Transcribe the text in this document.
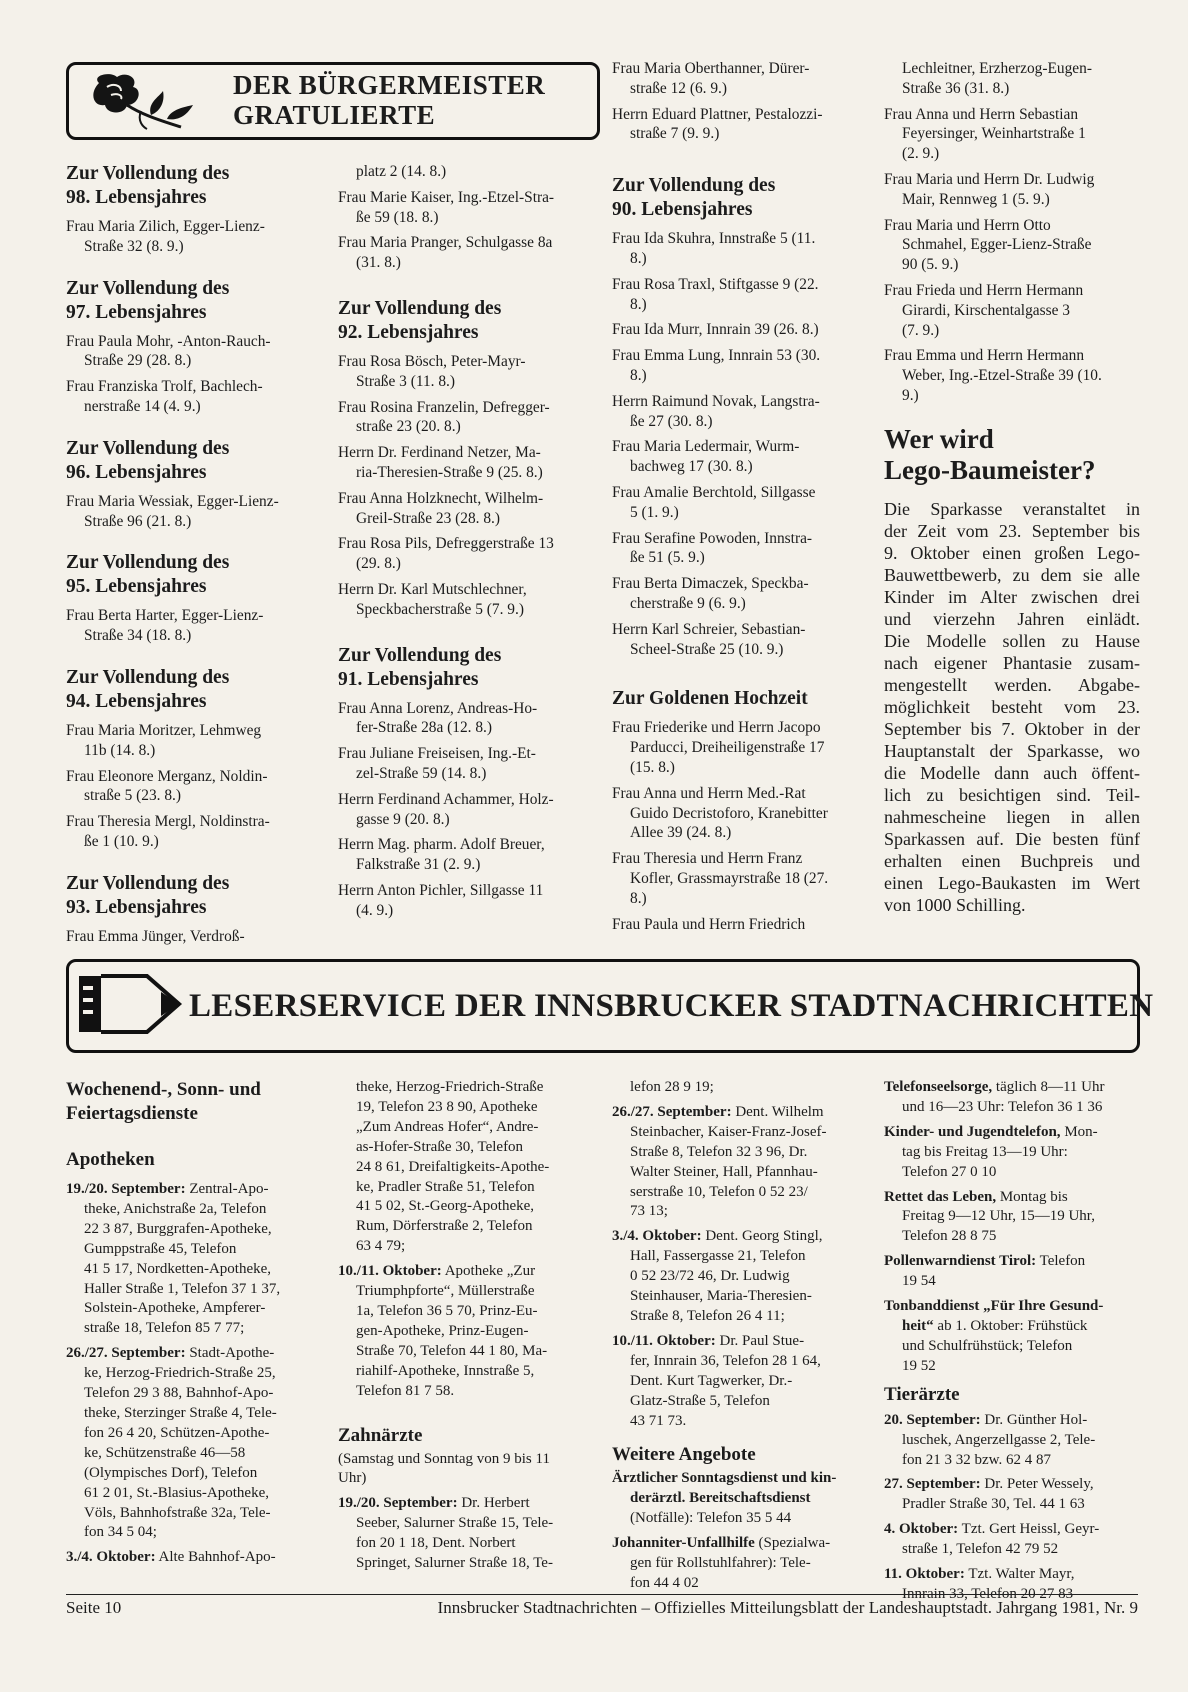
DER BÜRGERMEISTER
GRATULIERTE
Zur Vollendung des
98. Lebensjahres

Frau Maria Zilich, Egger-Lienz-
Straße 32 (8. 9.)

Zur Vollendung des
97. Lebensjahres

Frau Paula Mohr, -Anton-Rauch-
Straße 29 (28. 8.)

Frau Franziska Trolf, Bachlech-
nerstraße 14 (4. 9.)

Zur Vollendung des
96. Lebensjahres

Frau Maria Wessiak, Egger-Lienz-
Straße 96 (21. 8.)

Zur Vollendung des
95. Lebensjahres

Frau Berta Harter, Egger-Lienz-
Straße 34 (18. 8.)

Zur Vollendung des
94. Lebensjahres

Frau Maria Moritzer, Lehmweg
11b (14. 8.)

Frau Eleonore Merganz, Noldin-
straße 5 (23. 8.)

Frau Theresia Mergl, Noldinstra-
ße 1 (10. 9.)

Zur Vollendung des
93. Lebensjahres

Frau Emma Jünger, Verdroß-

platz 2 (14. 8.)

Frau Marie Kaiser, Ing.-Etzel-Stra-
ße 59 (18. 8.)

Frau Maria Pranger, Schulgasse 8a
(31. 8.)

Zur Vollendung des
92. Lebensjahres

Frau Rosa Bösch, Peter-Mayr-
Straße 3 (11. 8.)

Frau Rosina Franzelin, Defregger-
straße 23 (20. 8.)

Herrn Dr. Ferdinand Netzer, Ma-
ria-Theresien-Straße 9 (25. 8.)

Frau Anna Holzknecht, Wilhelm-
Greil-Straße 23 (28. 8.)

Frau Rosa Pils, Defreggerstraße 13
(29. 8.)

Herrn Dr. Karl Mutschlechner,
Speckbacherstraße 5 (7. 9.)

Zur Vollendung des
91. Lebensjahres

Frau Anna Lorenz, Andreas-Ho-
fer-Straße 28a (12. 8.)

Frau Juliane Freiseisen, Ing.-Et-
zel-Straße 59 (14. 8.)

Herrn Ferdinand Achammer, Holz-
gasse 9 (20. 8.)

Herrn Mag. pharm. Adolf Breuer,
Falkstraße 31 (2. 9.)

Herrn Anton Pichler, Sillgasse 11
(4. 9.)

Frau Maria Oberthanner, Dürer-
straße 12 (6. 9.)

Herrn Eduard Plattner, Pestalozzi-
straße 7 (9. 9.)

Zur Vollendung des
90. Lebensjahres

Frau Ida Skuhra, Innstraße 5 (11.
8.)

Frau Rosa Traxl, Stiftgasse 9 (22.
8.)

Frau Ida Murr, Innrain 39 (26. 8.)

Frau Emma Lung, Innrain 53 (30.
8.)

Herrn Raimund Novak, Langstra-
ße 27 (30. 8.)

Frau Maria Ledermair, Wurm-
bachweg 17 (30. 8.)

Frau Amalie Berchtold, Sillgasse
5 (1. 9.)

Frau Serafine Powoden, Innstra-
ße 51 (5. 9.)

Frau Berta Dimaczek, Speckba-
cherstraße 9 (6. 9.)

Herrn Karl Schreier, Sebastian-
Scheel-Straße 25 (10. 9.)

Zur Goldenen Hochzeit

Frau Friederike und Herrn Jacopo
Parducci, Dreiheiligenstraße 17
(15. 8.)

Frau Anna und Herrn Med.-Rat
Guido Decristoforo, Kranebitter
Allee 39 (24. 8.)

Frau Theresia und Herrn Franz
Kofler, Grassmayrstraße 18 (27.
8.)

Frau Paula und Herrn Friedrich

Lechleitner, Erzherzog-Eugen-
Straße 36 (31. 8.)

Frau Anna und Herrn Sebastian
Feyersinger, Weinhartstraße 1
(2. 9.)

Frau Maria und Herrn Dr. Ludwig
Mair, Rennweg 1 (5. 9.)

Frau Maria und Herrn Otto
Schmahel, Egger-Lienz-Straße
90 (5. 9.)

Frau Frieda und Herrn Hermann
Girardi, Kirschentalgasse 3
(7. 9.)

Frau Emma und Herrn Hermann
Weber, Ing.-Etzel-Straße 39 (10.
9.)

Wer wird
Lego-Baumeister?
Die Sparkasse veranstaltet in
der Zeit vom 23. September bis
9. Oktober einen großen Lego-
Bauwettbewerb, zu dem sie alle
Kinder im Alter zwischen drei
und vierzehn Jahren einlädt.
Die Modelle sollen zu Hause
nach eigener Phantasie zusam-
mengestellt werden. Abgabe-
möglichkeit besteht vom 23.
September bis 7. Oktober in der
Hauptanstalt der Sparkasse, wo
die Modelle dann auch öffent-
lich zu besichtigen sind. Teil-
nahmescheine liegen in allen
Sparkassen auf. Die besten fünf
erhalten einen Buchpreis und
einen Lego-Baukasten im Wert
von 1000 Schilling.
LESERSERVICE DER INNSBRUCKER STADTNACHRICHTEN
Wochenend-, Sonn- und Feiertagsdienste
Apotheken

19./20. September: Zentral-Apo-
theke, Anichstraße 2a, Telefon
22 3 87, Burggrafen-Apotheke,
Gumppstraße 45, Telefon
41 5 17, Nordketten-Apotheke,
Haller Straße 1, Telefon 37 1 37,
Solstein-Apotheke, Ampferer-
straße 18, Telefon 85 7 77;

26./27. September: Stadt-Apothe-
ke, Herzog-Friedrich-Straße 25,
Telefon 29 3 88, Bahnhof-Apo-
theke, Sterzinger Straße 4, Tele-
fon 26 4 20, Schützen-Apothe-
ke, Schützenstraße 46—58
(Olympisches Dorf), Telefon
61 2 01, St.-Blasius-Apotheke,
Völs, Bahnhofstraße 32a, Tele-
fon 34 5 04;

3./4. Oktober: Alte Bahnhof-Apo-

theke, Herzog-Friedrich-Straße
19, Telefon 23 8 90, Apotheke
„Zum Andreas Hofer“, Andre-
as-Hofer-Straße 30, Telefon
24 8 61, Dreifaltigkeits-Apothe-
ke, Pradler Straße 51, Telefon
41 5 02, St.-Georg-Apotheke,
Rum, Dörferstraße 2, Telefon
63 4 79;

10./11. Oktober: Apotheke „Zur
Triumphpforte“, Müllerstraße
1a, Telefon 36 5 70, Prinz-Eu-
gen-Apotheke, Prinz-Eugen-
Straße 70, Telefon 44 1 80, Ma-
riahilf-Apotheke, Innstraße 5,
Telefon 81 7 58.

Zahnärzte

(Samstag und Sonntag von 9 bis 11
Uhr)

19./20. September: Dr. Herbert
Seeber, Salurner Straße 15, Tele-
fon 20 1 18, Dent. Norbert
Springet, Salurner Straße 18, Te-

lefon 28 9 19;

26./27. September: Dent. Wilhelm
Steinbacher, Kaiser-Franz-Josef-
Straße 8, Telefon 32 3 96, Dr.
Walter Steiner, Hall, Pfannhau-
serstraße 10, Telefon 0 52 23/
73 13;

3./4. Oktober: Dent. Georg Stingl,
Hall, Fassergasse 21, Telefon
0 52 23/72 46, Dr. Ludwig
Steinhauser, Maria-Theresien-
Straße 8, Telefon 26 4 11;

10./11. Oktober: Dr. Paul Stue-
fer, Innrain 36, Telefon 28 1 64,
Dent. Kurt Tagwerker, Dr.-
Glatz-Straße 5, Telefon
43 71 73.

Weitere Angebote

Ärztlicher Sonntagsdienst und kin-
derärztl. Bereitschaftsdienst
(Notfälle): Telefon 35 5 44

Johanniter-Unfallhilfe (Spezialwa-
gen für Rollstuhlfahrer): Tele-
fon 44 4 02

Telefonseelsorge, täglich 8—11 Uhr
und 16—23 Uhr: Telefon 36 1 36

Kinder- und Jugendtelefon, Mon-
tag bis Freitag 13—19 Uhr:
Telefon 27 0 10

Rettet das Leben, Montag bis
Freitag 9—12 Uhr, 15—19 Uhr,
Telefon 28 8 75

Pollenwarndienst Tirol: Telefon
19 54

Tonbanddienst „Für Ihre Gesund-
heit“ ab 1. Oktober: Frühstück
und Schulfrühstück; Telefon
19 52

Tierärzte

20. September: Dr. Günther Hol-
luschek, Angerzellgasse 2, Tele-
fon 21 3 32 bzw. 62 4 87

27. September: Dr. Peter Wessely,
Pradler Straße 30, Tel. 44 1 63

4. Oktober: Tzt. Gert Heissl, Geyr-
straße 1, Telefon 42 79 52

11. Oktober: Tzt. Walter Mayr,
Innrain 33, Telefon 20 27 83

Seite 10	Innsbrucker Stadtnachrichten – Offizielles Mitteilungsblatt der Landeshauptstadt. Jahrgang 1981, Nr. 9
